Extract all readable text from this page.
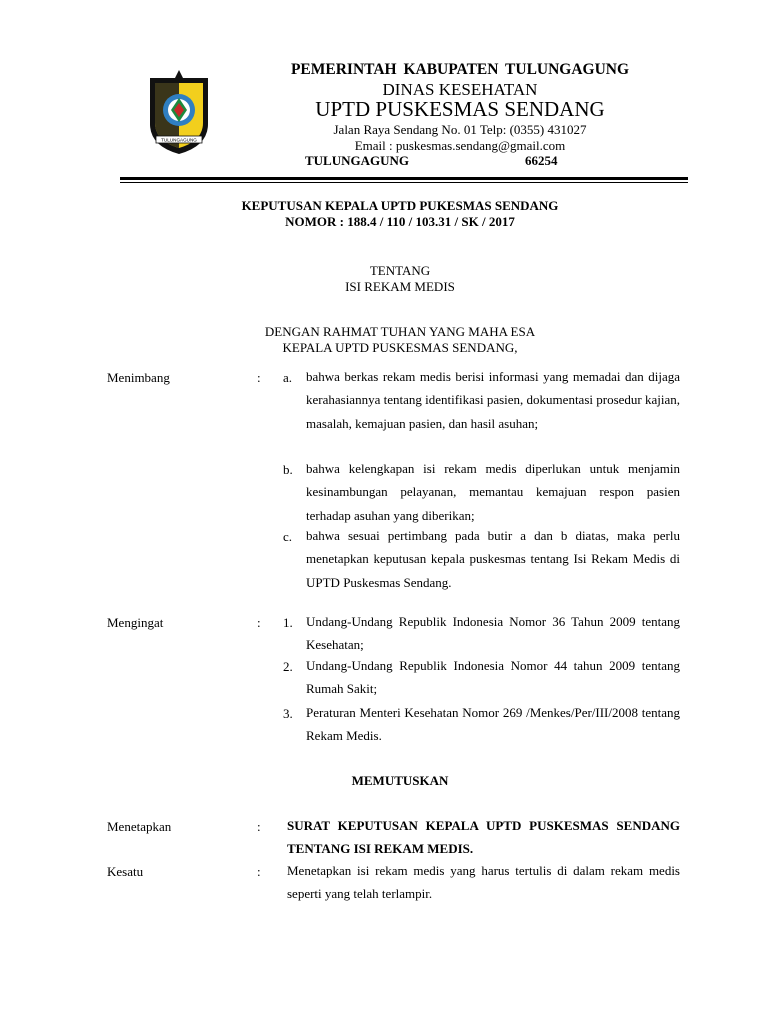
TULUNGAGUNG
PEMERINTAH KABUPATEN TULUNGAGUNG
DINAS KESEHATAN
UPTD PUSKESMAS SENDANG
Jalan Raya Sendang No. 01 Telp: (0355) 431027
Email : puskesmas.sendang@gmail.com
TULUNGAGUNG	66254
KEPUTUSAN KEPALA UPTD PUKESMAS SENDANG
NOMOR : 188.4 / 110 / 103.31 / SK / 2017
TENTANG
ISI REKAM MEDIS
DENGAN RAHMAT TUHAN YANG MAHA ESA
KEPALA UPTD PUSKESMAS SENDANG,
Menimbang	: a. bahwa berkas rekam medis berisi informasi yang memadai dan dijaga kerahasiannya tentang identifikasi pasien, dokumentasi prosedur kajian, masalah, kemajuan pasien, dan hasil asuhan;
b. bahwa kelengkapan isi rekam medis diperlukan untuk menjamin kesinambungan pelayanan, memantau kemajuan respon pasien terhadap asuhan yang diberikan;
c. bahwa sesuai pertimbang pada butir a dan b diatas, maka perlu menetapkan keputusan kepala puskesmas tentang Isi Rekam Medis di UPTD Puskesmas Sendang.
Mengingat	: 1. Undang-Undang Republik Indonesia Nomor 36 Tahun 2009 tentang Kesehatan;
2. Undang-Undang Republik Indonesia Nomor 44 tahun 2009 tentang Rumah Sakit;
3. Peraturan Menteri Kesehatan Nomor 269 /Menkes/Per/III/2008 tentang Rekam Medis.
MEMUTUSKAN
Menetapkan	: SURAT KEPUTUSAN KEPALA UPTD PUSKESMAS SENDANG TENTANG ISI REKAM MEDIS.
Kesatu	: Menetapkan isi rekam medis yang harus tertulis di dalam rekam medis seperti yang telah terlampir.
